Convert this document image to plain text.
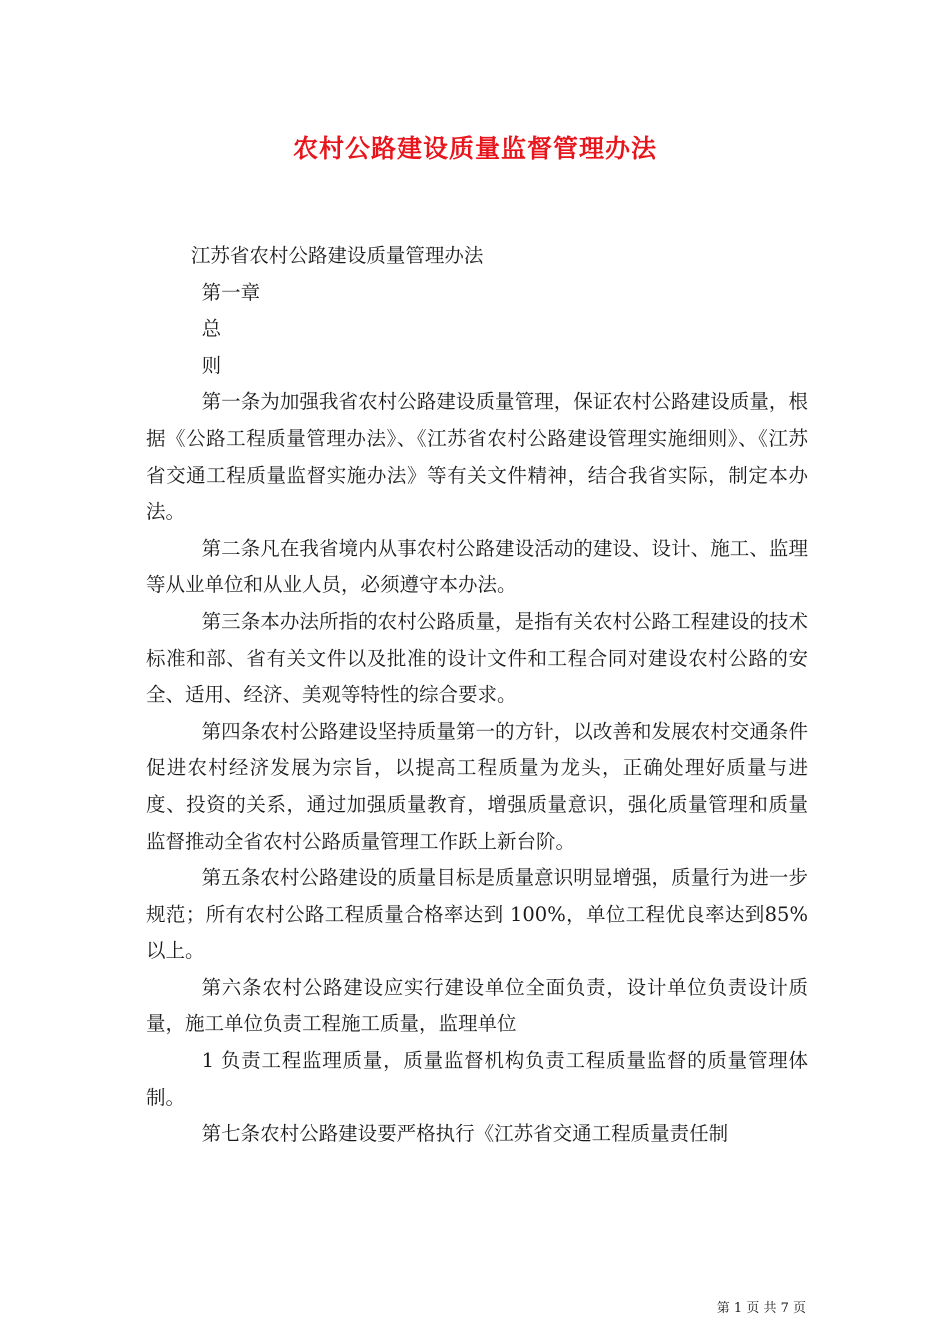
农村公路建设质量监督管理办法

江苏省农村公路建设质量管理办法

第一章

总

则

第一条为加强我省农村公路建设质量管理，保证农村公路建设质量，根据《公路工程质量管理办法》、《江苏省农村公路建设管理实施细则》、《江苏省交通工程质量监督实施办法》等有关文件精神，结合我省实际，制定本办法。

第二条凡在我省境内从事农村公路建设活动的建设、设计、施工、监理等从业单位和从业人员，必须遵守本办法。

第三条本办法所指的农村公路质量，是指有关农村公路工程建设的技术标准和部、省有关文件以及批准的设计文件和工程合同对建设农村公路的安全、适用、经济、美观等特性的综合要求。

第四条农村公路建设坚持质量第一的方针，以改善和发展农村交通条件促进农村经济发展为宗旨，以提高工程质量为龙头，正确处理好质量与进度、投资的关系，通过加强质量教育，增强质量意识，强化质量管理和质量监督推动全省农村公路质量管理工作跃上新台阶。

第五条农村公路建设的质量目标是质量意识明显增强，质量行为进一步规范；所有农村公路工程质量合格率达到 100%，单位工程优良率达到85%以上。

第六条农村公路建设应实行建设单位全面负责，设计单位负责设计质量，施工单位负责工程施工质量，监理单位

1 负责工程监理质量，质量监督机构负责工程质量监督的质量管理体制。

第七条农村公路建设要严格执行《江苏省交通工程质量责任制

第 1 页 共 7 页
